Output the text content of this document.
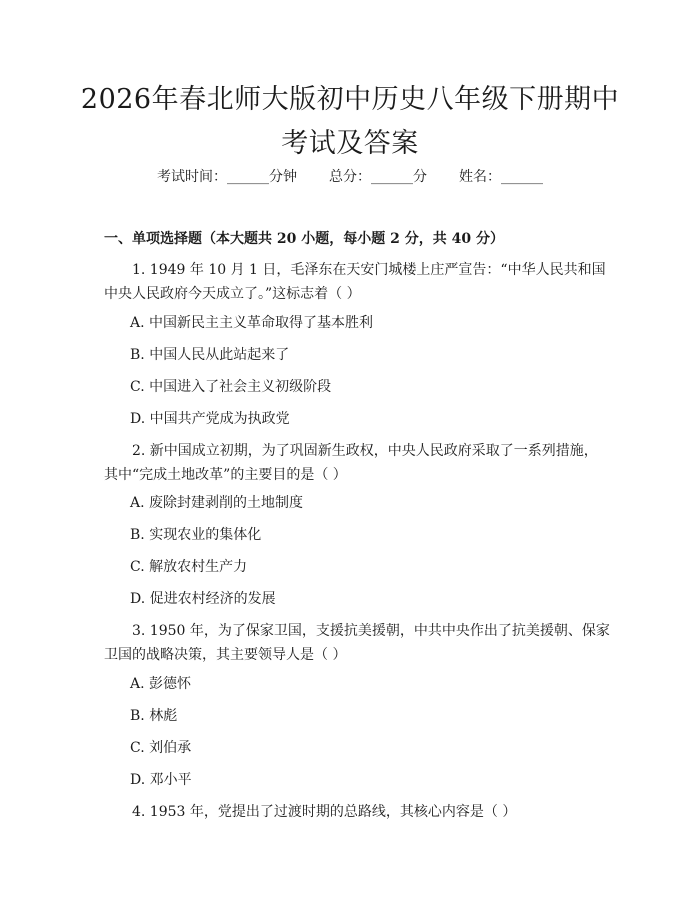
2026年春北师大版初中历史八年级下册期中
考试及答案
考试时间：______分钟 总分：______分 姓名：______
一、单项选择题（本大题共 20 小题，每小题 2 分，共 40 分）
1. 1949 年 10 月 1 日，毛泽东在天安门城楼上庄严宣告：“中华人民共和国
中央人民政府今天成立了。”这标志着（ ）
A. 中国新民主主义革命取得了基本胜利
B. 中国人民从此站起来了
C. 中国进入了社会主义初级阶段
D. 中国共产党成为执政党
2. 新中国成立初期，为了巩固新生政权，中央人民政府采取了一系列措施，
其中“完成土地改革”的主要目的是（ ）
A. 废除封建剥削的土地制度
B. 实现农业的集体化
C. 解放农村生产力
D. 促进农村经济的发展
3. 1950 年，为了保家卫国，支援抗美援朝，中共中央作出了抗美援朝、保家
卫国的战略决策，其主要领导人是（ ）
A. 彭德怀
B. 林彪
C. 刘伯承
D. 邓小平
4. 1953 年，党提出了过渡时期的总路线，其核心内容是（ ）
